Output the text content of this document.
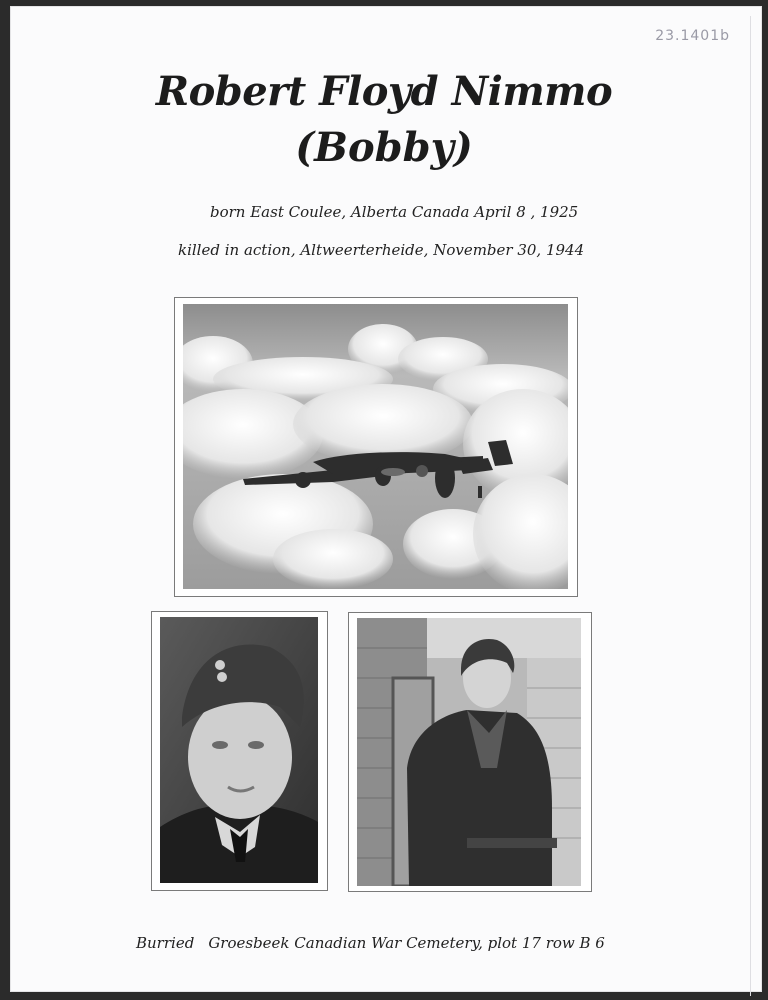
23.1401b
Robert Floyd Nimmo
(Bobby)
born East Coulee, Alberta Canada April 8 , 1925
killed in action, Altweerterheide, November 30, 1944
Burried Groesbeek Canadian War Cemetery, plot 17 row B 6
